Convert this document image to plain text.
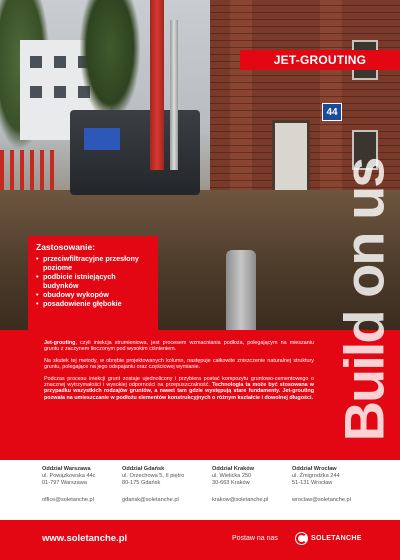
44
JET-GROUTING
Zastosowanie:
• przeciwfiltracyjne przesłony poziome
• podbicie istniejących budynków
• obudowy wykopów
• posadowienie głębokie	Build on us

Jet-grouting, czyli iniekcja strumieniowa, jest procesem wzmacniania podłoża, polegającym na mieszaniu gruntu z zaczynem tłoczonym pod wysokim ciśnieniem.

Na skutek tej metody, w obrębie projektowanych kolumn, następuje całkowite zniszczenie naturalnej struktury gruntu, polegające na jego odspajaniu oraz częściowej wymianie.

Podczas procesu iniekcji grunt zostaje ujednolicony i przybiera postać kompozytu gruntowo-cementowego o znacznej wytrzymałości i wysokiej odporności na przepuszczalność. Technologia ta może być stosowana w przypadku wszystkich rodzajów gruntów, a nawet tam gdzie występują stare fundamenty. Jet-grouting pozwala na umieszczanie w podłożu elementów konstrukcyjnych o różnym kształcie i dowolnej długości.

Oddział Warszawa
ul. Powązkowska 44c
01-797 Warszawa
office@soletanche.pl
Oddział Gdańsk
ul. Orzechowa 5, II piętro
80-175 Gdańsk
gdansk@soletanche.pl
Oddział Kraków
ul. Wielicka 250
30-663 Kraków
krakow@soletanche.pl
Oddział Wrocław
ul. Żmigrodzka 244
51-131 Wrocław
wroclaw@soletanche.pl
www.soletanche.pl	Postaw na nas	SOLETANCHE
